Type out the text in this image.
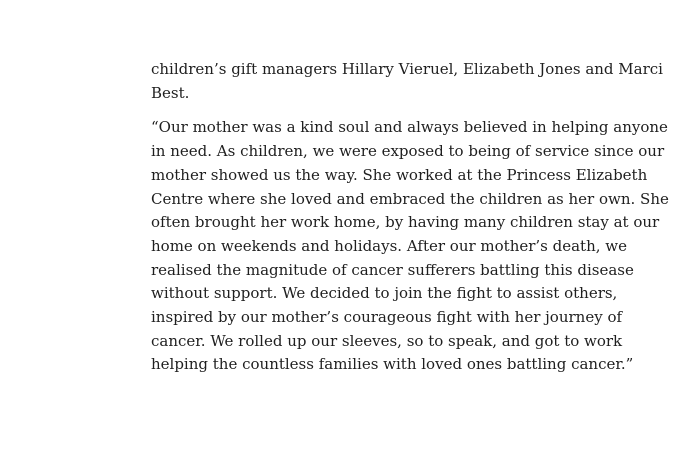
children’s gift managers Hillary Vieruel, Elizabeth Jones and Marci
Best.

“Our mother was a kind soul and always believed in helping anyone
in need. As children, we were exposed to being of service since our
mother showed us the way. She worked at the Princess Elizabeth
Centre where she loved and embraced the children as her own. She
often brought her work home, by having many children stay at our
home on weekends and holidays. After our mother’s death, we
realised the magnitude of cancer sufferers battling this disease
without support. We decided to join the fight to assist others,
inspired by our mother’s courageous fight with her journey of
cancer. We rolled up our sleeves, so to speak, and got to work
helping the countless families with loved ones battling cancer.”
